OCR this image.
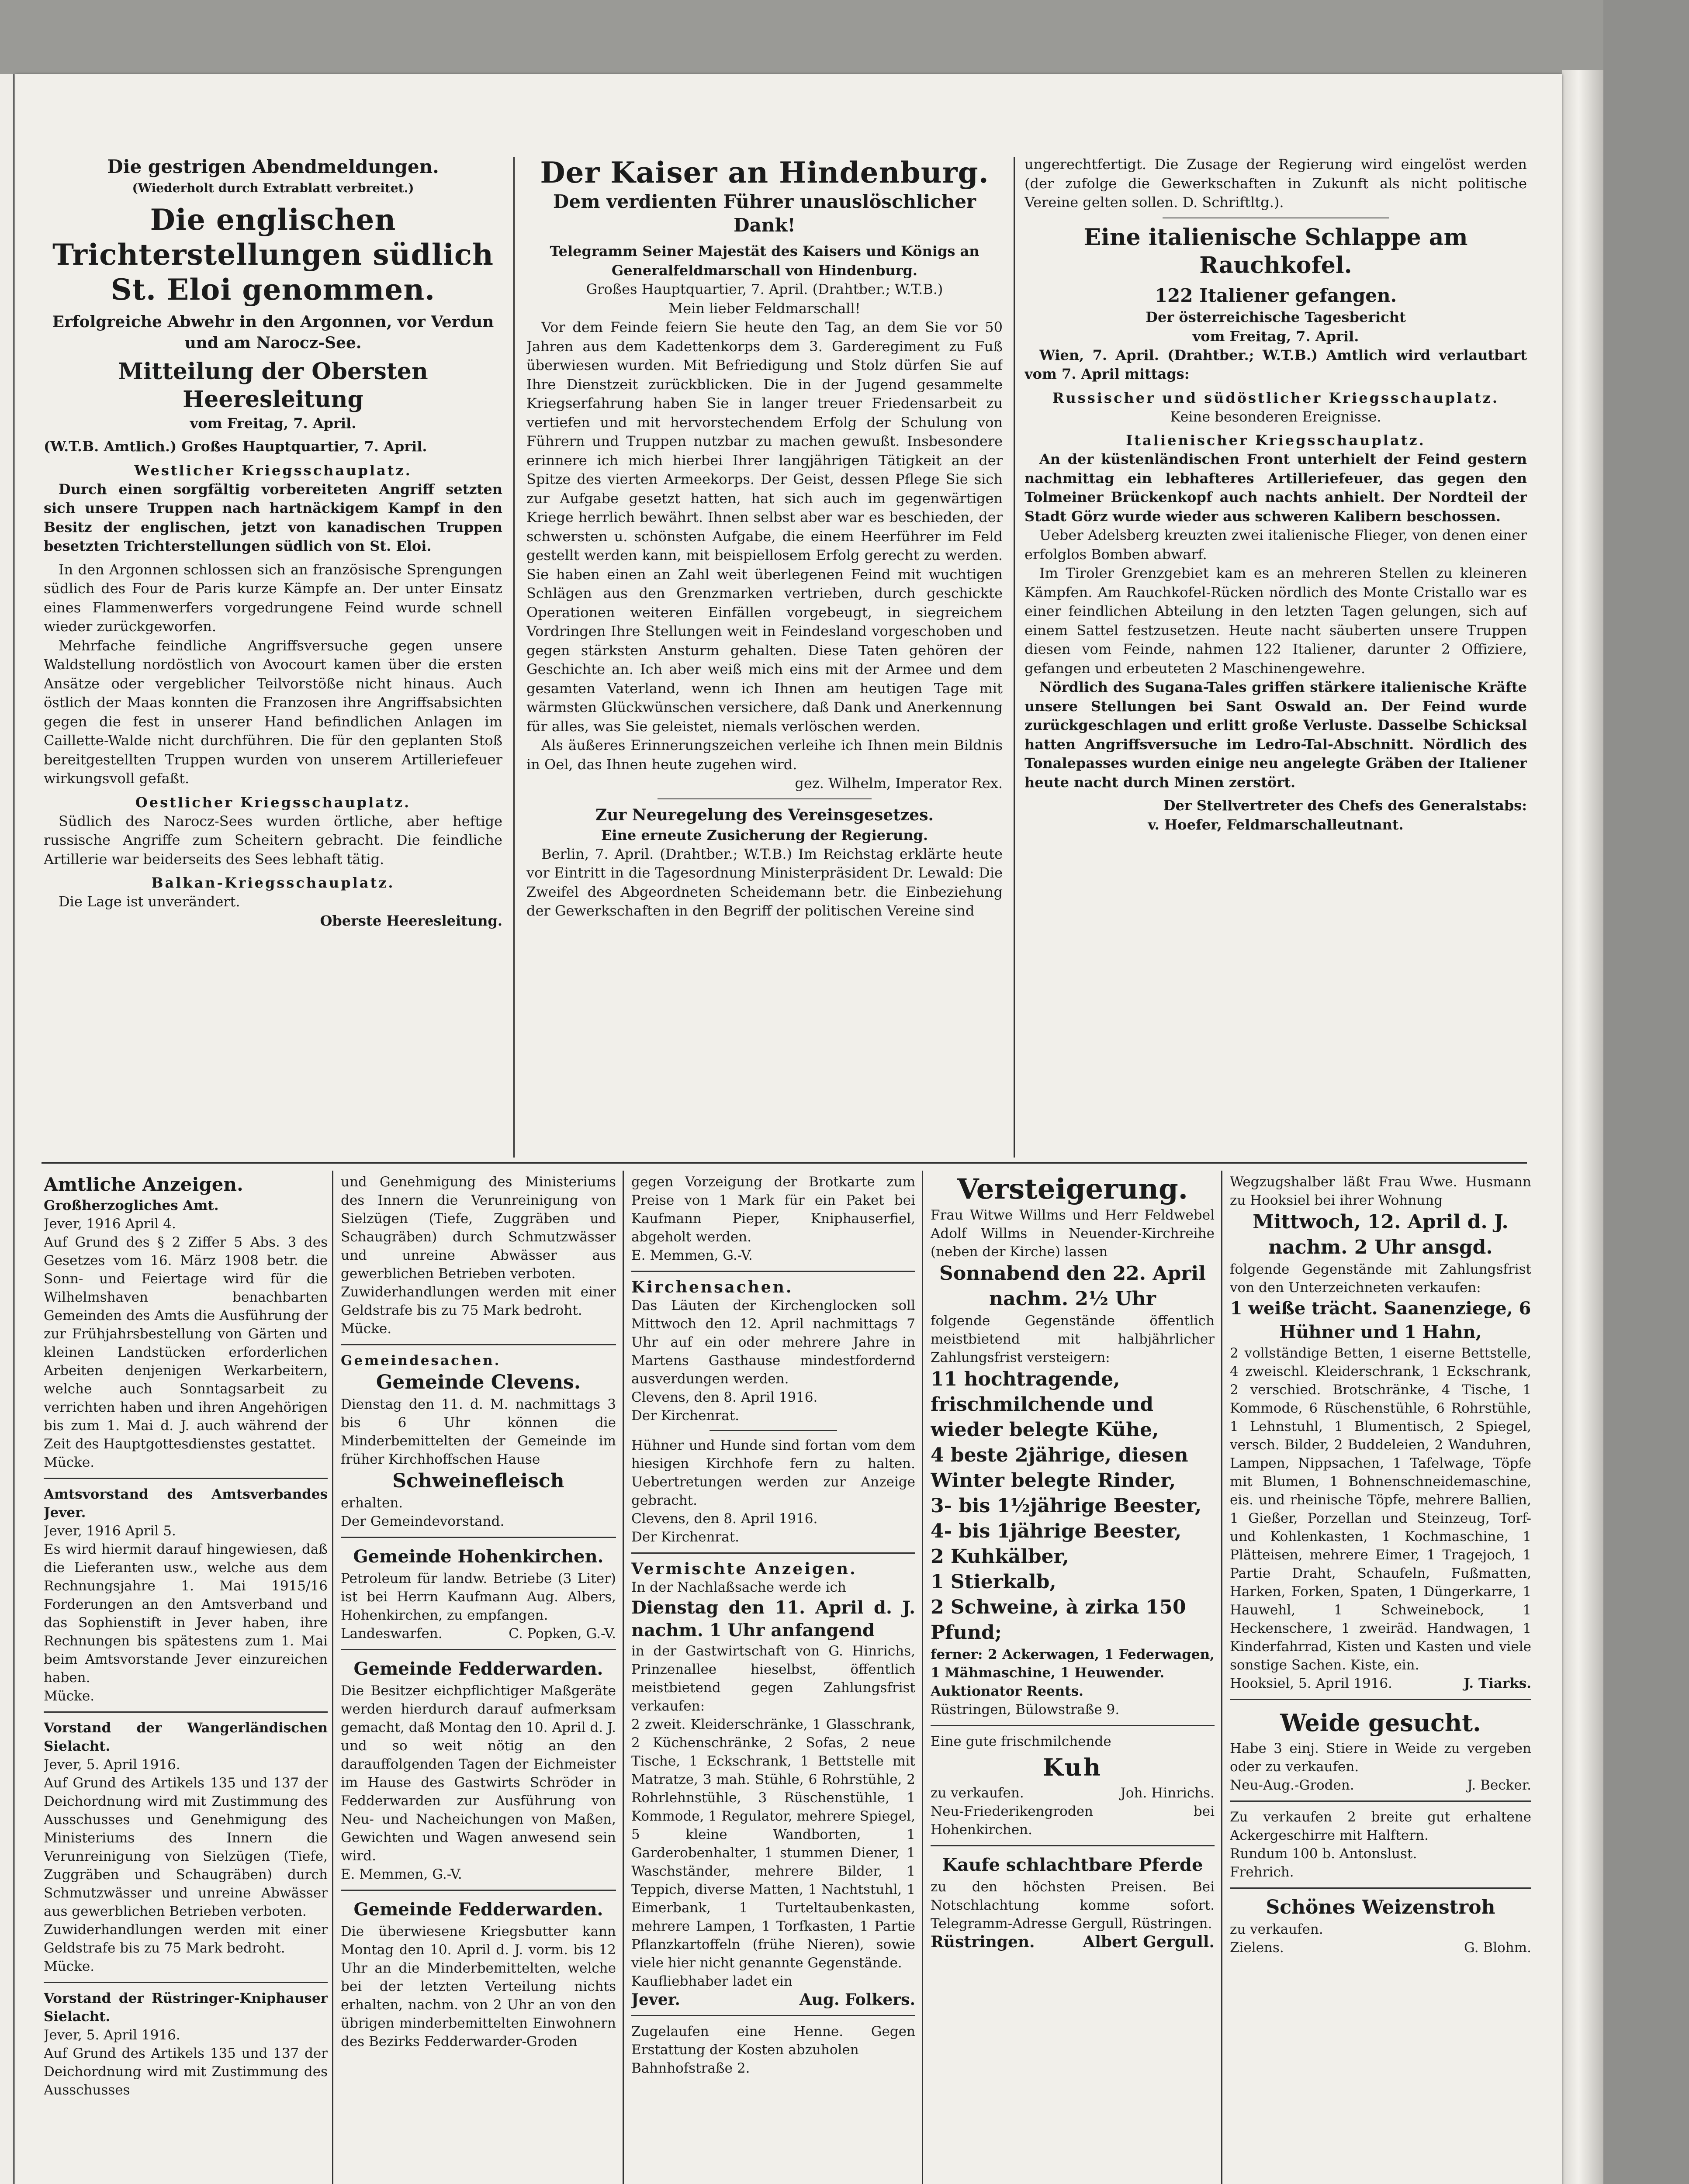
Die gestrigen Abendmeldungen.
(Wiederholt durch Extrablatt verbreitet.)
Die englischen Trichterstellungen südlich St. Eloi genommen.
Erfolgreiche Abwehr in den Argonnen, vor Verdun und am Narocz-See.
Mitteilung der Obersten Heeresleitung
vom Freitag, 7. April.
(W.T.B. Amtlich.) Großes Hauptquartier, 7. April.
Westlicher Kriegsschauplatz.
Durch einen sorgfältig vorbereiteten Angriff setzten sich unsere Truppen nach hartnäckigem Kampf in den Besitz der englischen, jetzt von kanadischen Truppen besetzten Trichterstellungen südlich von St. Eloi.
In den Argonnen schlossen sich an französische Sprengungen südlich des Four de Paris kurze Kämpfe an. Der unter Einsatz eines Flammenwerfers vorgedrungene Feind wurde schnell wieder zurückgeworfen.
Mehrfache feindliche Angriffsversuche gegen unsere Waldstellung nordöstlich von Avocourt kamen über die ersten Ansätze oder vergeblicher Teilvorstöße nicht hinaus. Auch östlich der Maas konnten die Franzosen ihre Angriffsabsichten gegen die fest in unserer Hand befindlichen Anlagen im Caillette-Walde nicht durchführen. Die für den geplanten Stoß bereitgestellten Truppen wurden von unserem Artilleriefeuer wirkungsvoll gefaßt.
Oestlicher Kriegsschauplatz.
Südlich des Narocz-Sees wurden örtliche, aber heftige russische Angriffe zum Scheitern gebracht. Die feindliche Artillerie war beiderseits des Sees lebhaft tätig.
Balkan-Kriegsschauplatz.
Die Lage ist unverändert.
Oberste Heeresleitung.
Der Kaiser an Hindenburg.
Dem verdienten Führer unauslöschlicher Dank!
Telegramm Seiner Majestät des Kaisers und Königs an Generalfeldmarschall von Hindenburg.
Großes Hauptquartier, 7. April. (Drahtber.; W.T.B.)
Mein lieber Feldmarschall!
Vor dem Feinde feiern Sie heute den Tag, an dem Sie vor 50 Jahren aus dem Kadettenkorps dem 3. Garderegiment zu Fuß überwiesen wurden. Mit Befriedigung und Stolz dürfen Sie auf Ihre Dienstzeit zurückblicken. Die in der Jugend gesammelte Kriegserfahrung haben Sie in langer treuer Friedensarbeit zu vertiefen und mit hervorstechendem Erfolg der Schulung von Führern und Truppen nutzbar zu machen gewußt. Insbesondere erinnere ich mich hierbei Ihrer langjährigen Tätigkeit an der Spitze des vierten Armeekorps. Der Geist, dessen Pflege Sie sich zur Aufgabe gesetzt hatten, hat sich auch im gegenwärtigen Kriege herrlich bewährt. Ihnen selbst aber war es beschieden, der schwersten u. schönsten Aufgabe, die einem Heerführer im Feld gestellt werden kann, mit beispiellosem Erfolg gerecht zu werden. Sie haben einen an Zahl weit überlegenen Feind mit wuchtigen Schlägen aus den Grenzmarken vertrieben, durch geschickte Operationen weiteren Einfällen vorgebeugt, in siegreichem Vordringen Ihre Stellungen weit in Feindesland vorgeschoben und gegen stärksten Ansturm gehalten. Diese Taten gehören der Geschichte an. Ich aber weiß mich eins mit der Armee und dem gesamten Vaterland, wenn ich Ihnen am heutigen Tage mit wärmsten Glückwünschen versichere, daß Dank und Anerkennung für alles, was Sie geleistet, niemals verlöschen werden.
Als äußeres Erinnerungszeichen verleihe ich Ihnen mein Bildnis in Oel, das Ihnen heute zugehen wird.
gez. Wilhelm, Imperator Rex.
Zur Neuregelung des Vereinsgesetzes.
Eine erneute Zusicherung der Regierung.
Berlin, 7. April. (Drahtber.; W.T.B.) Im Reichstag erklärte heute vor Eintritt in die Tagesordnung Ministerpräsident Dr. Lewald: Die Zweifel des Abgeordneten Scheidemann betr. die Einbeziehung der Gewerkschaften in den Begriff der politischen Vereine sind
ungerechtfertigt. Die Zusage der Regierung wird eingelöst werden (der zufolge die Gewerkschaften in Zukunft als nicht politische Vereine gelten sollen. D. Schriftltg.).
Eine italienische Schlappe am Rauchkofel.
122 Italiener gefangen.
Der österreichische Tagesbericht
vom Freitag, 7. April.
Wien, 7. April. (Drahtber.; W.T.B.) Amtlich wird verlautbart vom 7. April mittags:
Russischer und südöstlicher Kriegsschauplatz.
Keine besonderen Ereignisse.
Italienischer Kriegsschauplatz.
An der küstenländischen Front unterhielt der Feind gestern nachmittag ein lebhafteres Artilleriefeuer, das gegen den Tolmeiner Brückenkopf auch nachts anhielt. Der Nordteil der Stadt Görz wurde wieder aus schweren Kalibern beschossen.
Ueber Adelsberg kreuzten zwei italienische Flieger, von denen einer erfolglos Bomben abwarf.
Im Tiroler Grenzgebiet kam es an mehreren Stellen zu kleineren Kämpfen. Am Rauchkofel-Rücken nördlich des Monte Cristallo war es einer feindlichen Abteilung in den letzten Tagen gelungen, sich auf einem Sattel festzusetzen. Heute nacht säuberten unsere Truppen diesen vom Feinde, nahmen 122 Italiener, darunter 2 Offiziere, gefangen und erbeuteten 2 Maschinengewehre.
Nördlich des Sugana-Tales griffen stärkere italienische Kräfte unsere Stellungen bei Sant Oswald an. Der Feind wurde zurückgeschlagen und erlitt große Verluste. Dasselbe Schicksal hatten Angriffsversuche im Ledro-Tal-Abschnitt. Nördlich des Tonalepasses wurden einige neu angelegte Gräben der Italiener heute nacht durch Minen zerstört.
Der Stellvertreter des Chefs des Generalstabs:
v. Hoefer, Feldmarschalleutnant.
Amtliche Anzeigen.
Großherzogliches Amt.
Jever, 1916 April 4.
Auf Grund des § 2 Ziffer 5 Abs. 3 des Gesetzes vom 16. März 1908 betr. die Sonn- und Feiertage wird für die Wilhelmshaven benachbarten Gemeinden des Amts die Ausführung der zur Frühjahrsbestellung von Gärten und kleinen Landstücken erforderlichen Arbeiten denjenigen Werkarbeitern, welche auch Sonntagsarbeit zu verrichten haben und ihren Angehörigen bis zum 1. Mai d. J. auch während der Zeit des Hauptgottesdienstes gestattet.
Mücke.
Amtsvorstand des Amtsverbandes Jever.
Jever, 1916 April 5.
Es wird hiermit darauf hingewiesen, daß die Lieferanten usw., welche aus dem Rechnungsjahre 1. Mai 1915/16 Forderungen an den Amtsverband und das Sophienstift in Jever haben, ihre Rechnungen bis spätestens zum 1. Mai beim Amtsvorstande Jever einzureichen haben.
Mücke.
Vorstand der Wangerländischen Sielacht.
Jever, 5. April 1916.
Auf Grund des Artikels 135 und 137 der Deichordnung wird mit Zustimmung des Ausschusses und Genehmigung des Ministeriums des Innern die Verunreinigung von Sielzügen (Tiefe, Zuggräben und Schaugräben) durch Schmutzwässer und unreine Abwässer aus gewerblichen Betrieben verboten.
Zuwiderhandlungen werden mit einer Geldstrafe bis zu 75 Mark bedroht.
Mücke.
Vorstand der Rüstringer-Kniphauser Sielacht.
Jever, 5. April 1916.
Auf Grund des Artikels 135 und 137 der Deichordnung wird mit Zustimmung des Ausschusses
und Genehmigung des Ministeriums des Innern die Verunreinigung von Sielzügen (Tiefe, Zuggräben und Schaugräben) durch Schmutzwässer und unreine Abwässer aus gewerblichen Betrieben verboten.
Zuwiderhandlungen werden mit einer Geldstrafe bis zu 75 Mark bedroht.
Mücke.
Gemeindesachen.
Gemeinde Clevens.
Dienstag den 11. d. M. nachmittags 3 bis 6 Uhr können die Minderbemittelten der Gemeinde im früher Kirchhoffschen Hause
Schweinefleisch
erhalten.
Der Gemeindevorstand.
Gemeinde Hohenkirchen.
Petroleum für landw. Betriebe (3 Liter) ist bei Herrn Kaufmann Aug. Albers, Hohenkirchen, zu empfangen.
Landeswarfen.	C. Popken, G.-V.
Gemeinde Fedderwarden.
Die Besitzer eichpflichtiger Maßgeräte werden hierdurch darauf aufmerksam gemacht, daß Montag den 10. April d. J. und so weit nötig an den darauffolgenden Tagen der Eichmeister im Hause des Gastwirts Schröder in Fedderwarden zur Ausführung von Neu- und Nacheichungen von Maßen, Gewichten und Wagen anwesend sein wird.
E. Memmen, G.-V.
Gemeinde Fedderwarden.
Die überwiesene Kriegsbutter kann Montag den 10. April d. J. vorm. bis 12 Uhr an die Minderbemittelten, welche bei der letzten Verteilung nichts erhalten, nachm. von 2 Uhr an von den übrigen minderbemittelten Einwohnern des Bezirks Fedderwarder-Groden
gegen Vorzeigung der Brotkarte zum Preise von 1 Mark für ein Paket bei Kaufmann Pieper, Kniphauserfiel, abgeholt werden.
E. Memmen, G.-V.
Kirchensachen.
Das Läuten der Kirchenglocken soll Mittwoch den 12. April nachmittags 7 Uhr auf ein oder mehrere Jahre in Martens Gasthause mindestfordernd ausverdungen werden.
Clevens, den 8. April 1916.
Der Kirchenrat.
Hühner und Hunde sind fortan vom dem hiesigen Kirchhofe fern zu halten. Uebertretungen werden zur Anzeige gebracht.
Clevens, den 8. April 1916.
Der Kirchenrat.
Vermischte Anzeigen.
In der Nachlaßsache werde ich
Dienstag den 11. April d. J. nachm. 1 Uhr anfangend
in der Gastwirtschaft von G. Hinrichs, Prinzenallee hieselbst, öffentlich meistbietend gegen Zahlungsfrist verkaufen:
2 zweit. Kleiderschränke, 1 Glasschrank, 2 Küchenschränke, 2 Sofas, 2 neue Tische, 1 Eckschrank, 1 Bettstelle mit Matratze, 3 mah. Stühle, 6 Rohrstühle, 2 Rohrlehnstühle, 3 Rüschenstühle, 1 Kommode, 1 Regulator, mehrere Spiegel, 5 kleine Wandborten, 1 Garderobenhalter, 1 stummen Diener, 1 Waschständer, mehrere Bilder, 1 Teppich, diverse Matten, 1 Nachtstuhl, 1 Eimerbank, 1 Turteltaubenkasten, mehrere Lampen, 1 Torfkasten, 1 Partie Pflanzkartoffeln (frühe Nieren), sowie viele hier nicht genannte Gegenstände.
Kaufliebhaber ladet ein
Jever.	Aug. Folkers.
Zugelaufen eine Henne. Gegen Erstattung der Kosten abzuholen
Bahnhofstraße 2.
Versteigerung.
Frau Witwe Willms und Herr Feldwebel Adolf Willms in Neuender-Kirchreihe (neben der Kirche) lassen
Sonnabend den 22. April nachm. 2½ Uhr
folgende Gegenstände öffentlich meistbietend mit halbjährlicher Zahlungsfrist versteigern:
11 hochtragende, frischmilchende und wieder belegte Kühe,
4 beste 2jährige, diesen Winter belegte Rinder,
3- bis 1½jährige Beester,
4- bis 1jährige Beester,
2 Kuhkälber,
1 Stierkalb,
2 Schweine, à zirka 150 Pfund;
ferner: 2 Ackerwagen, 1 Federwagen, 1 Mähmaschine, 1 Heuwender.
Auktionator Reents.
Rüstringen, Bülowstraße 9.
Eine gute frischmilchende
Kuh
zu verkaufen.	Joh. Hinrichs.
Neu-Friederikengroden bei Hohenkirchen.
Kaufe schlachtbare Pferde
zu den höchsten Preisen. Bei Notschlachtung komme sofort. Telegramm-Adresse Gergull, Rüstringen.
Rüstringen.	Albert Gergull.
Wegzugshalber läßt Frau Wwe. Husmann zu Hooksiel bei ihrer Wohnung
Mittwoch, 12. April d. J. nachm. 2 Uhr ansgd.
folgende Gegenstände mit Zahlungsfrist von den Unterzeichneten verkaufen:
1 weiße trächt. Saanenziege, 6 Hühner und 1 Hahn,
2 vollständige Betten, 1 eiserne Bettstelle, 4 zweischl. Kleiderschrank, 1 Eckschrank, 2 verschied. Brotschränke, 4 Tische, 1 Kommode, 6 Rüschenstühle, 6 Rohrstühle, 1 Lehnstuhl, 1 Blumentisch, 2 Spiegel, versch. Bilder, 2 Buddeleien, 2 Wanduhren, Lampen, Nippsachen, 1 Tafelwage, Töpfe mit Blumen, 1 Bohnenschneidemaschine, eis. und rheinische Töpfe, mehrere Ballien, 1 Gießer, Porzellan und Steinzeug, Torf- und Kohlenkasten, 1 Kochmaschine, 1 Plätteisen, mehrere Eimer, 1 Tragejoch, 1 Partie Draht, Schaufeln, Fußmatten, Harken, Forken, Spaten, 1 Düngerkarre, 1 Hauwehl, 1 Schweinebock, 1 Heckenschere, 1 zweiräd. Handwagen, 1 Kinderfahrrad, Kisten und Kasten und viele sonstige Sachen. Kiste, ein.
Hooksiel, 5. April 1916.	J. Tiarks.
Weide gesucht.
Habe 3 einj. Stiere in Weide zu vergeben oder zu verkaufen.
Neu-Aug.-Groden.	J. Becker.
Zu verkaufen 2 breite gut erhaltene Ackergeschirre mit Halftern.
Rundum 100 b. Antonslust.
Frehrich.
Schönes Weizenstroh
zu verkaufen.
Zielens.	G. Blohm.
